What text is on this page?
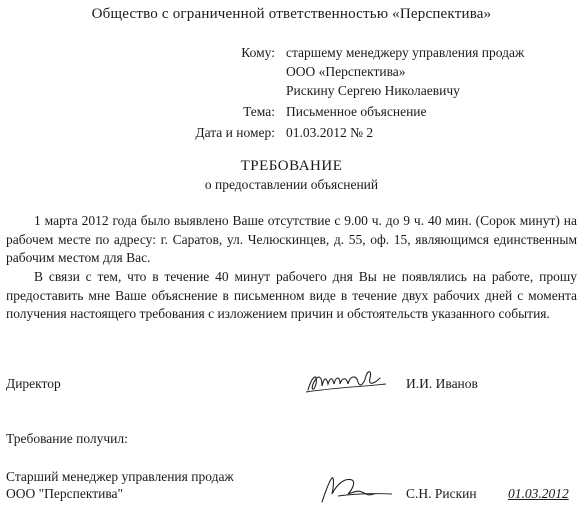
Общество с ограниченной ответственностью «Перспектива»
Кому: старшему менеджеру управления продаж
ООО «Перспектива»
Рискину Сергею Николаевичу
Тема: Письменное объяснение
Дата и номер: 01.03.2012 № 2
ТРЕБОВАНИЕ
о предоставлении объяснений

1 марта 2012 года было выявлено Ваше отсутствие с 9.00 ч. до 9 ч. 40 мин. (Сорок минут) на рабочем месте по адресу: г. Саратов, ул. Челюскинцев, д. 55, оф. 15, являющимся единственным рабочим местом для Вас.

В связи с тем, что в течение 40 минут рабочего дня Вы не появлялись на работе, прошу предоставить мне Ваше объяснение в письменном виде в течение двух рабочих дней с момента получения настоящего требования с изложением причин и обстоятельств указанного события.

Директор	И.И. Иванов
Требование получил:
Старший менеджер управления продаж
ООО "Перспектива"	С.Н. Рискин 01.03.2012
